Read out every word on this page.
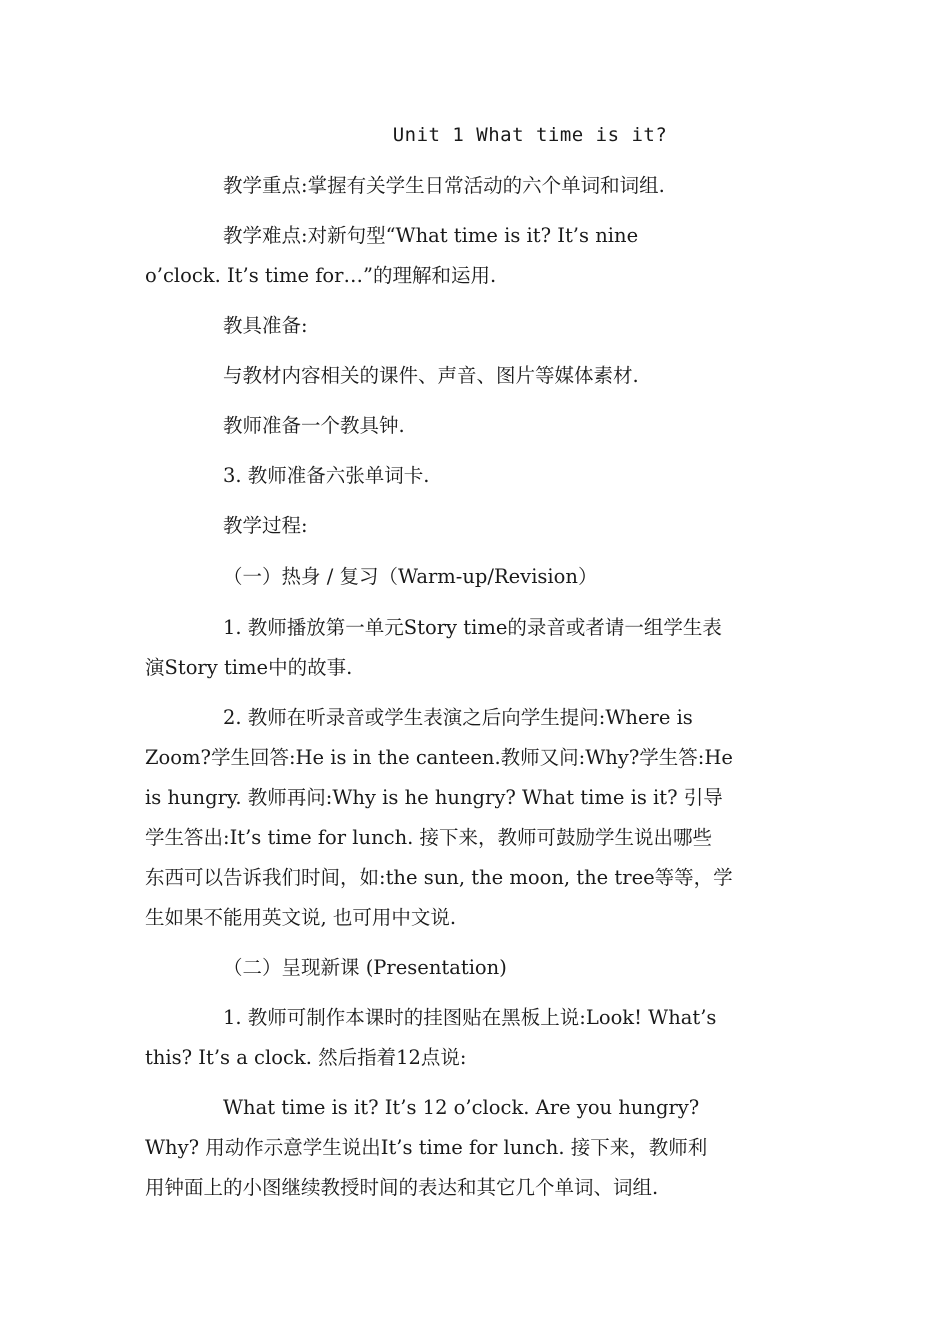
Unit 1 What time is it?
教学重点:掌握有关学生日常活动的六个单词和词组.
教学难点:对新句型“What time is it? It’s nine
o’clock. It’s time for…”的理解和运用.
教具准备:
与教材内容相关的课件、声音、图片等媒体素材.
教师准备一个教具钟.
3. 教师准备六张单词卡.
教学过程:
（一）热身 / 复习（Warm-up/Revision）
1. 教师播放第一单元Story time的录音或者请一组学生表
演Story time中的故事.
2. 教师在听录音或学生表演之后向学生提问:Where is
Zoom?学生回答:He is in the canteen.教师又问:Why?学生答:He
is hungry. 教师再问:Why is he hungry? What time is it? 引导
学生答出:It’s time for lunch. 接下来，教师可鼓励学生说出哪些
东西可以告诉我们时间，如:the sun, the moon, the tree等等，学
生如果不能用英文说, 也可用中文说.
（二）呈现新课 (Presentation)
1. 教师可制作本课时的挂图贴在黑板上说:Look! What’s
this? It’s a clock. 然后指着12点说:
What time is it? It’s 12 o’clock. Are you hungry?
Why? 用动作示意学生说出It’s time for lunch. 接下来，教师利
用钟面上的小图继续教授时间的表达和其它几个单词、词组.
